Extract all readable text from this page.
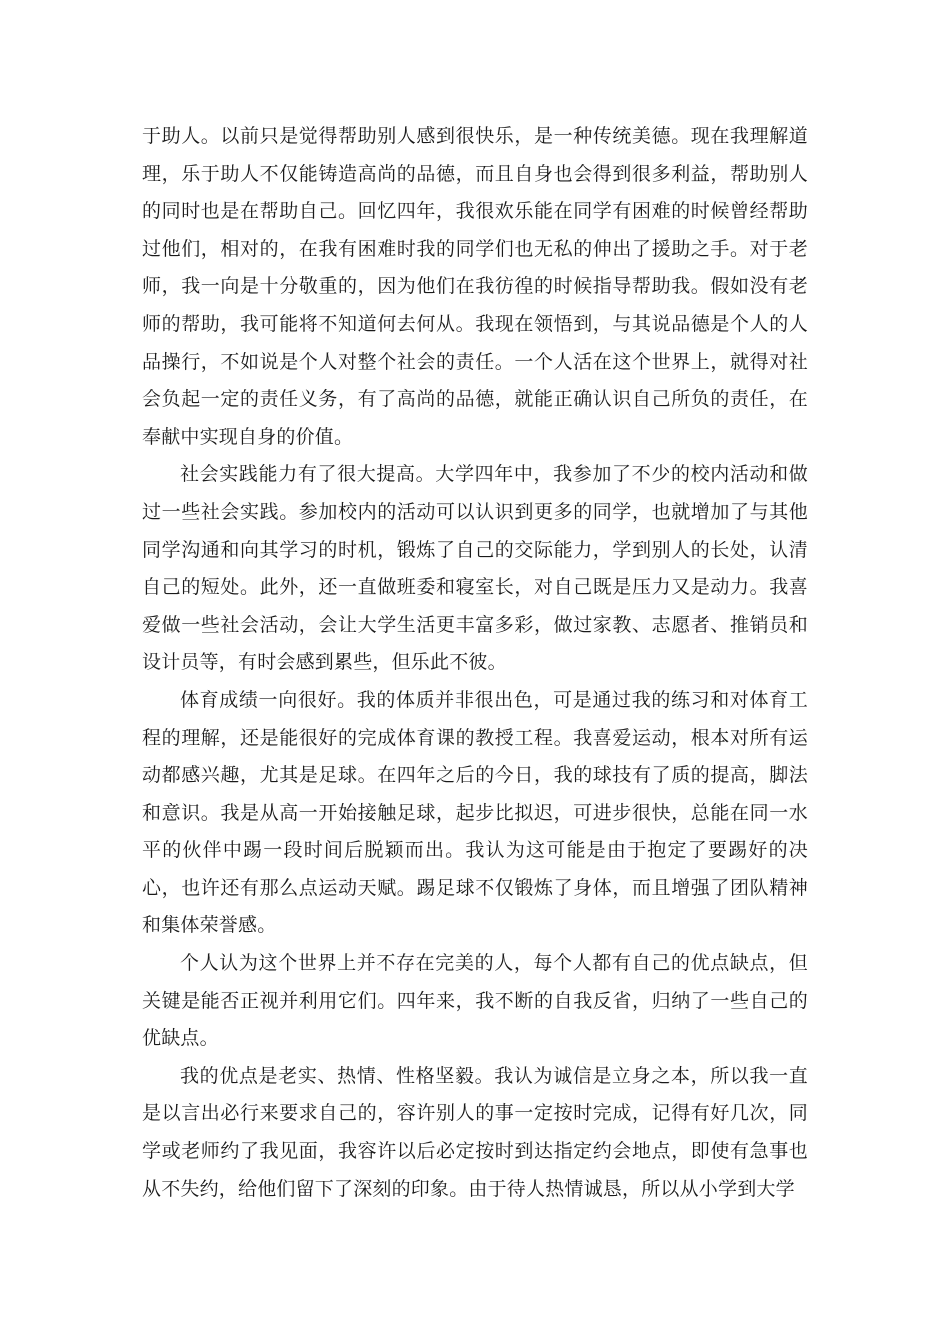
于助人。以前只是觉得帮助别人感到很快乐，是一种传统美德。现在我理解道理，乐于助人不仅能铸造高尚的品德，而且自身也会得到很多利益，帮助别人的同时也是在帮助自己。回忆四年，我很欢乐能在同学有困难的时候曾经帮助过他们，相对的，在我有困难时我的同学们也无私的伸出了援助之手。对于老师，我一向是十分敬重的，因为他们在我彷徨的时候指导帮助我。假如没有老师的帮助，我可能将不知道何去何从。我现在领悟到，与其说品德是个人的人品操行，不如说是个人对整个社会的责任。一个人活在这个世界上，就得对社会负起一定的责任义务，有了高尚的品德，就能正确认识自己所负的责任，在奉献中实现自身的价值。

社会实践能力有了很大提高。大学四年中，我参加了不少的校内活动和做过一些社会实践。参加校内的活动可以认识到更多的同学，也就增加了与其他同学沟通和向其学习的时机，锻炼了自己的交际能力，学到别人的长处，认清自己的短处。此外，还一直做班委和寝室长，对自己既是压力又是动力。我喜爱做一些社会活动，会让大学生活更丰富多彩，做过家教、志愿者、推销员和设计员等，有时会感到累些，但乐此不彼。

体育成绩一向很好。我的体质并非很出色，可是通过我的练习和对体育工程的理解，还是能很好的完成体育课的教授工程。我喜爱运动，根本对所有运动都感兴趣，尤其是足球。在四年之后的今日，我的球技有了质的提高，脚法和意识。我是从高一开始接触足球，起步比拟迟，可进步很快，总能在同一水平的伙伴中踢一段时间后脱颖而出。我认为这可能是由于抱定了要踢好的决心，也许还有那么点运动天赋。踢足球不仅锻炼了身体，而且增强了团队精神和集体荣誉感。

个人认为这个世界上并不存在完美的人，每个人都有自己的优点缺点，但关键是能否正视并利用它们。四年来，我不断的自我反省，归纳了一些自己的优缺点。

我的优点是老实、热情、性格坚毅。我认为诚信是立身之本，所以我一直是以言出必行来要求自己的，容许别人的事一定按时完成，记得有好几次，同学或老师约了我见面，我容许以后必定按时到达指定约会地点，即使有急事也从不失约，给他们留下了深刻的印象。由于待人热情诚恳，所以从小学到大学
